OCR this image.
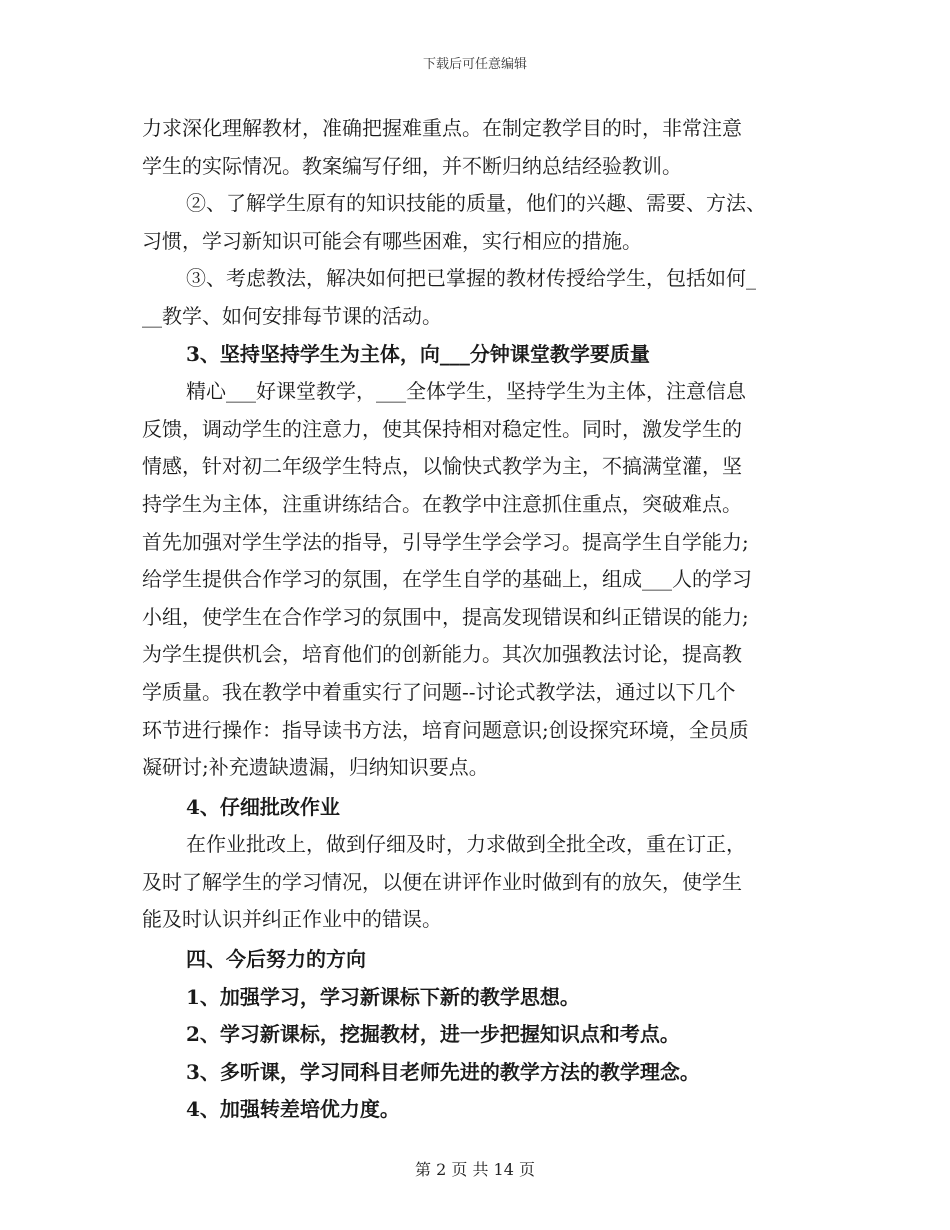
下载后可任意编辑
力求深化理解教材，准确把握难重点。在制定教学目的时，非常注意
学生的实际情况。教案编写仔细，并不断归纳总结经验教训。
②、了解学生原有的知识技能的质量，他们的兴趣、需要、方法、
习惯，学习新知识可能会有哪些困难，实行相应的措施。
③、考虑教法，解决如何把已掌握的教材传授给学生，包括如何_
__教学、如何安排每节课的活动。
3、坚持坚持学生为主体，向___分钟课堂教学要质量
精心___好课堂教学，___全体学生，坚持学生为主体，注意信息
反馈，调动学生的注意力，使其保持相对稳定性。同时，激发学生的
情感，针对初二年级学生特点，以愉快式教学为主，不搞满堂灌，坚
持学生为主体，注重讲练结合。在教学中注意抓住重点，突破难点。
首先加强对学生学法的指导，引导学生学会学习。提高学生自学能力;
给学生提供合作学习的氛围，在学生自学的基础上，组成___人的学习
小组，使学生在合作学习的氛围中，提高发现错误和纠正错误的能力;
为学生提供机会，培育他们的创新能力。其次加强教法讨论，提高教
学质量。我在教学中着重实行了问题--讨论式教学法，通过以下几个
环节进行操作：指导读书方法，培育问题意识;创设探究环境，全员质
凝研讨;补充遗缺遗漏，归纳知识要点。
4、仔细批改作业
在作业批改上，做到仔细及时，力求做到全批全改，重在订正，
及时了解学生的学习情况，以便在讲评作业时做到有的放矢，使学生
能及时认识并纠正作业中的错误。
四、今后努力的方向
1、加强学习，学习新课标下新的教学思想。
2、学习新课标，挖掘教材，进一步把握知识点和考点。
3、多听课，学习同科目老师先进的教学方法的教学理念。
4、加强转差培优力度。
第 2 页 共 14 页
